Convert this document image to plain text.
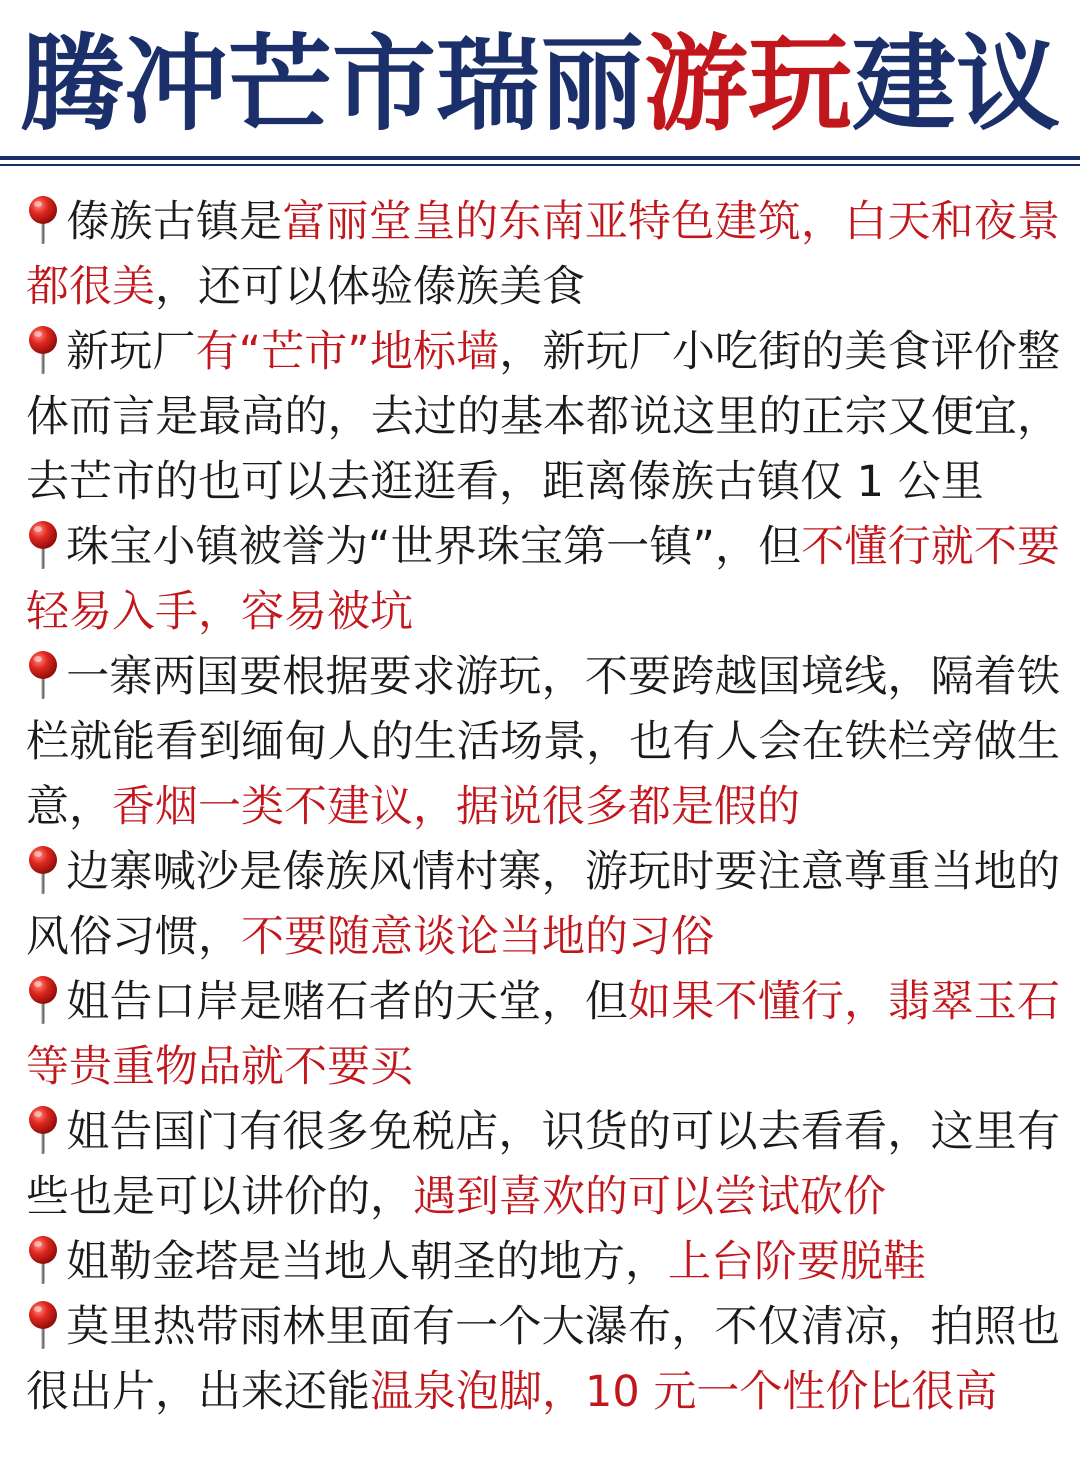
腾冲芒市瑞丽游玩建议

傣族古镇是富丽堂皇的东南亚特色建筑，白天和夜景都很美，还可以体验傣族美食

新玩厂有“芒市”地标墙，新玩厂小吃街的美食评价整体而言是最高的，去过的基本都说这里的正宗又便宜，去芒市的也可以去逛逛看，距离傣族古镇仅 1 公里

珠宝小镇被誉为“世界珠宝第一镇”，但不懂行就不要轻易入手，容易被坑

一寨两国要根据要求游玩，不要跨越国境线，隔着铁栏就能看到缅甸人的生活场景，也有人会在铁栏旁做生意，香烟一类不建议，据说很多都是假的

边寨喊沙是傣族风情村寨，游玩时要注意尊重当地的风俗习惯，不要随意谈论当地的习俗

姐告口岸是赌石者的天堂，但如果不懂行，翡翠玉石等贵重物品就不要买

姐告国门有很多免税店，识货的可以去看看，这里有些也是可以讲价的，遇到喜欢的可以尝试砍价

姐勒金塔是当地人朝圣的地方，上台阶要脱鞋

莫里热带雨林里面有一个大瀑布，不仅清凉，拍照也很出片，出来还能温泉泡脚，10 元一个性价比很高
